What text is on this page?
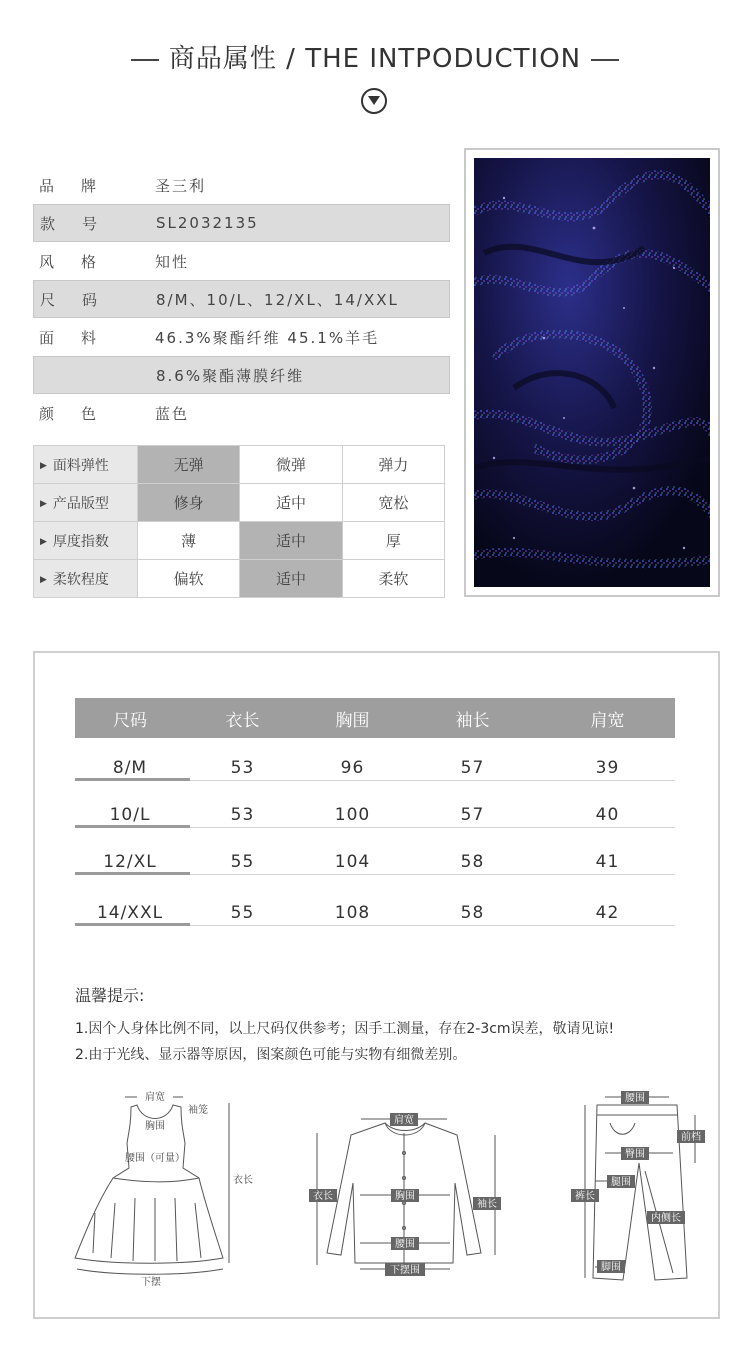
商品属性 / THE INTPODUCTION
品牌	圣三利
款号	SL2032135
风格	知性
尺码	8/M、10/L、12/XL、14/XXL
面料	46.3%聚酯纤维 45.1%羊毛
8.6%聚酯薄膜纤维
颜色	蓝色
▶ 面料弹性	无弹	微弹	弹力
▶ 产品版型	修身	适中	宽松
▶ 厚度指数	薄	适中	厚
▶ 柔软程度	偏软	适中	柔软
尺码	衣长	胸围	袖长	肩宽
8/M	53	96	57	39
10/L	53	100	57	40
12/XL	55	104	58	41
14/XXL	55	108	58	42
温馨提示:
1.因个人身体比例不同，以上尺码仅供参考；因手工测量，存在2-3cm误差，敬请见谅!
2.由于光线、显示器等原因，图案颜色可能与实物有细微差别。
肩宽
胸围
袖笼
腰围（可量）
衣长
下摆
肩宽
衣长	胸围
袖长
腰围
下摆围
腰围
前档
臀围
腿围
裤长
内侧长
脚围
